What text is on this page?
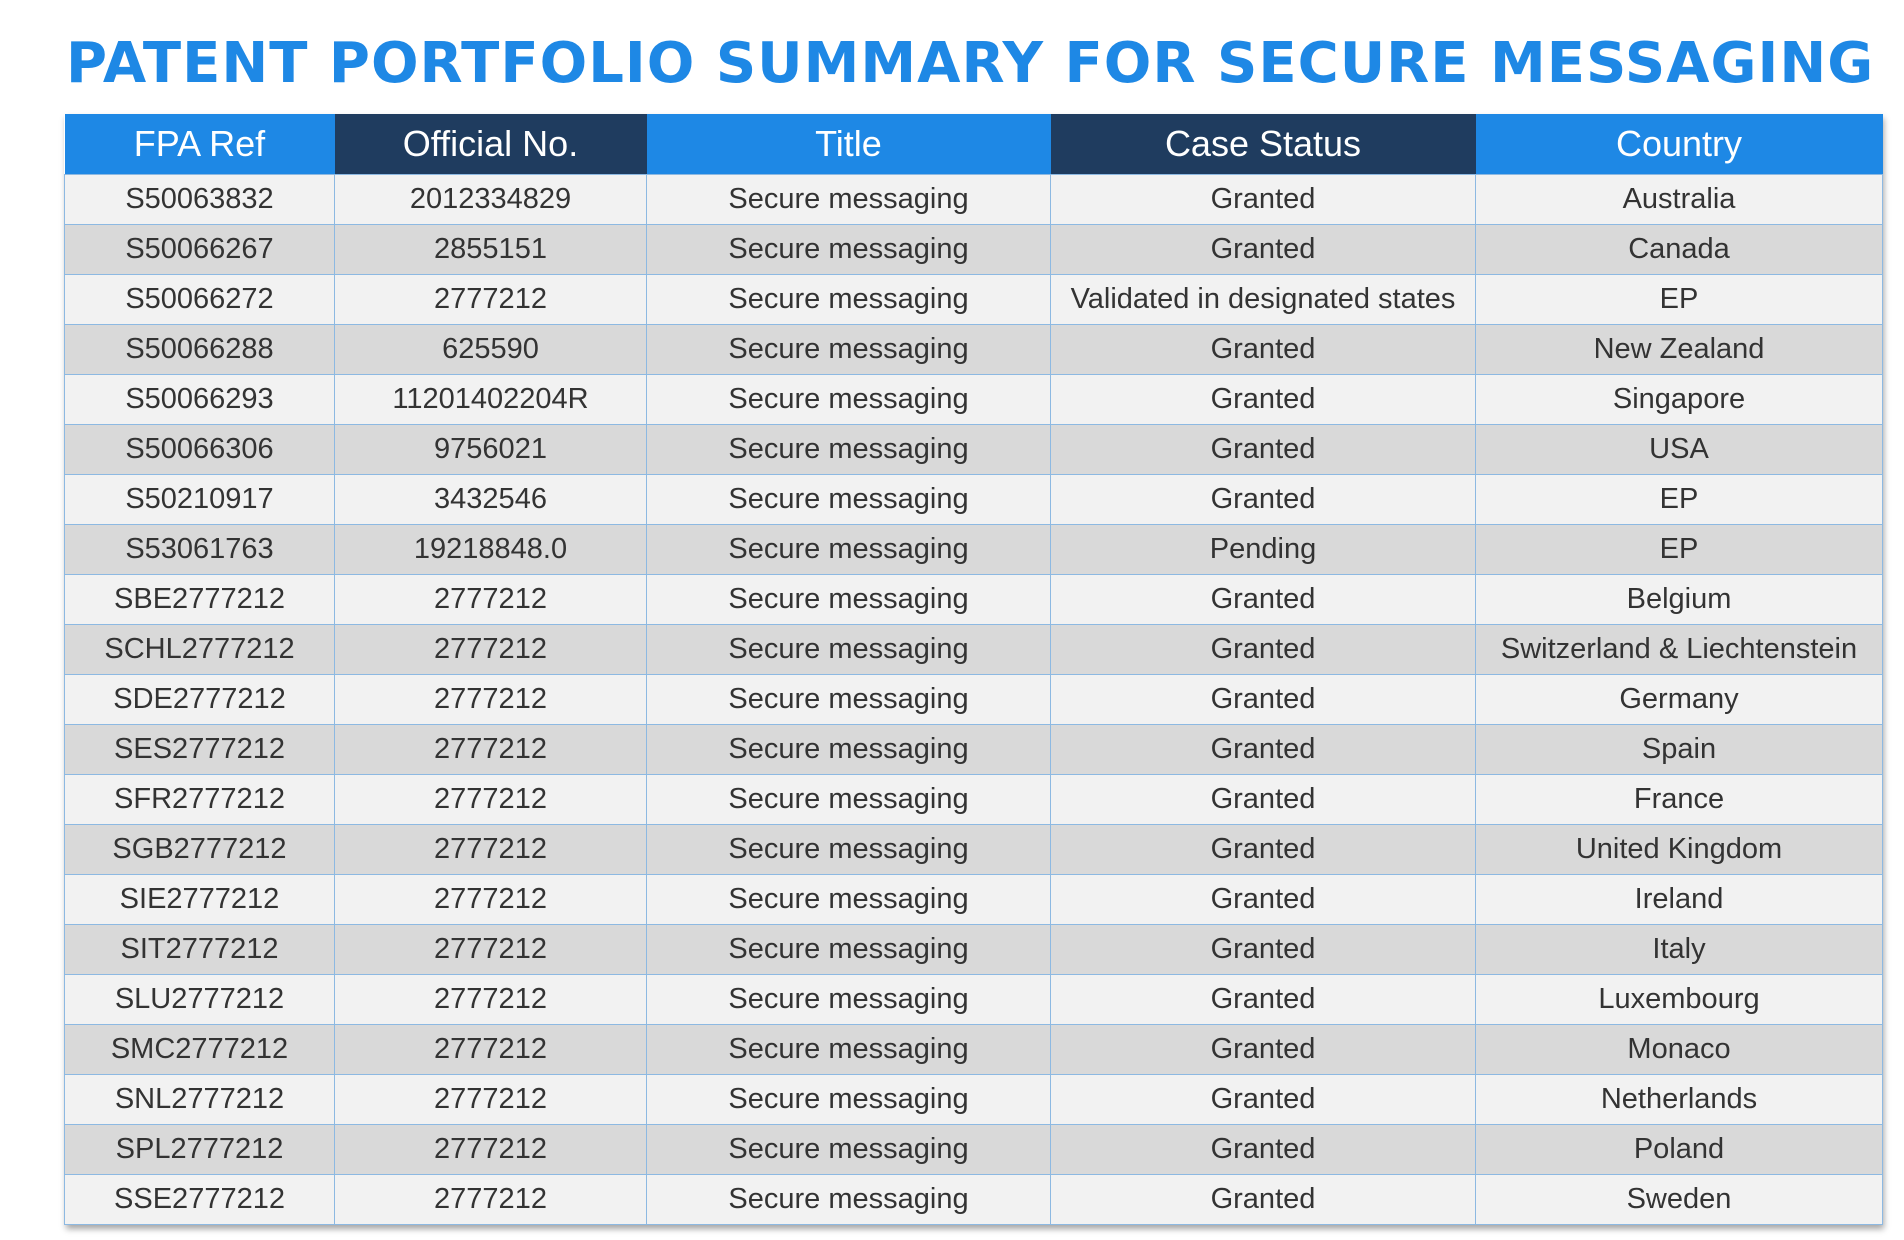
PATENT PORTFOLIO SUMMARY FOR SECURE MESSAGING
FPA Ref	Official No.	Title	Case Status	Country
S50063832	2012334829	Secure messaging	Granted	Australia
S50066267	2855151	Secure messaging	Granted	Canada
S50066272	2777212	Secure messaging	Validated in designated states	EP
S50066288	625590	Secure messaging	Granted	New Zealand
S50066293	11201402204R	Secure messaging	Granted	Singapore
S50066306	9756021	Secure messaging	Granted	USA
S50210917	3432546	Secure messaging	Granted	EP
S53061763	19218848.0	Secure messaging	Pending	EP
SBE2777212	2777212	Secure messaging	Granted	Belgium
SCHL2777212	2777212	Secure messaging	Granted	Switzerland & Liechtenstein
SDE2777212	2777212	Secure messaging	Granted	Germany
SES2777212	2777212	Secure messaging	Granted	Spain
SFR2777212	2777212	Secure messaging	Granted	France
SGB2777212	2777212	Secure messaging	Granted	United Kingdom
SIE2777212	2777212	Secure messaging	Granted	Ireland
SIT2777212	2777212	Secure messaging	Granted	Italy
SLU2777212	2777212	Secure messaging	Granted	Luxembourg
SMC2777212	2777212	Secure messaging	Granted	Monaco
SNL2777212	2777212	Secure messaging	Granted	Netherlands
SPL2777212	2777212	Secure messaging	Granted	Poland
SSE2777212	2777212	Secure messaging	Granted	Sweden
